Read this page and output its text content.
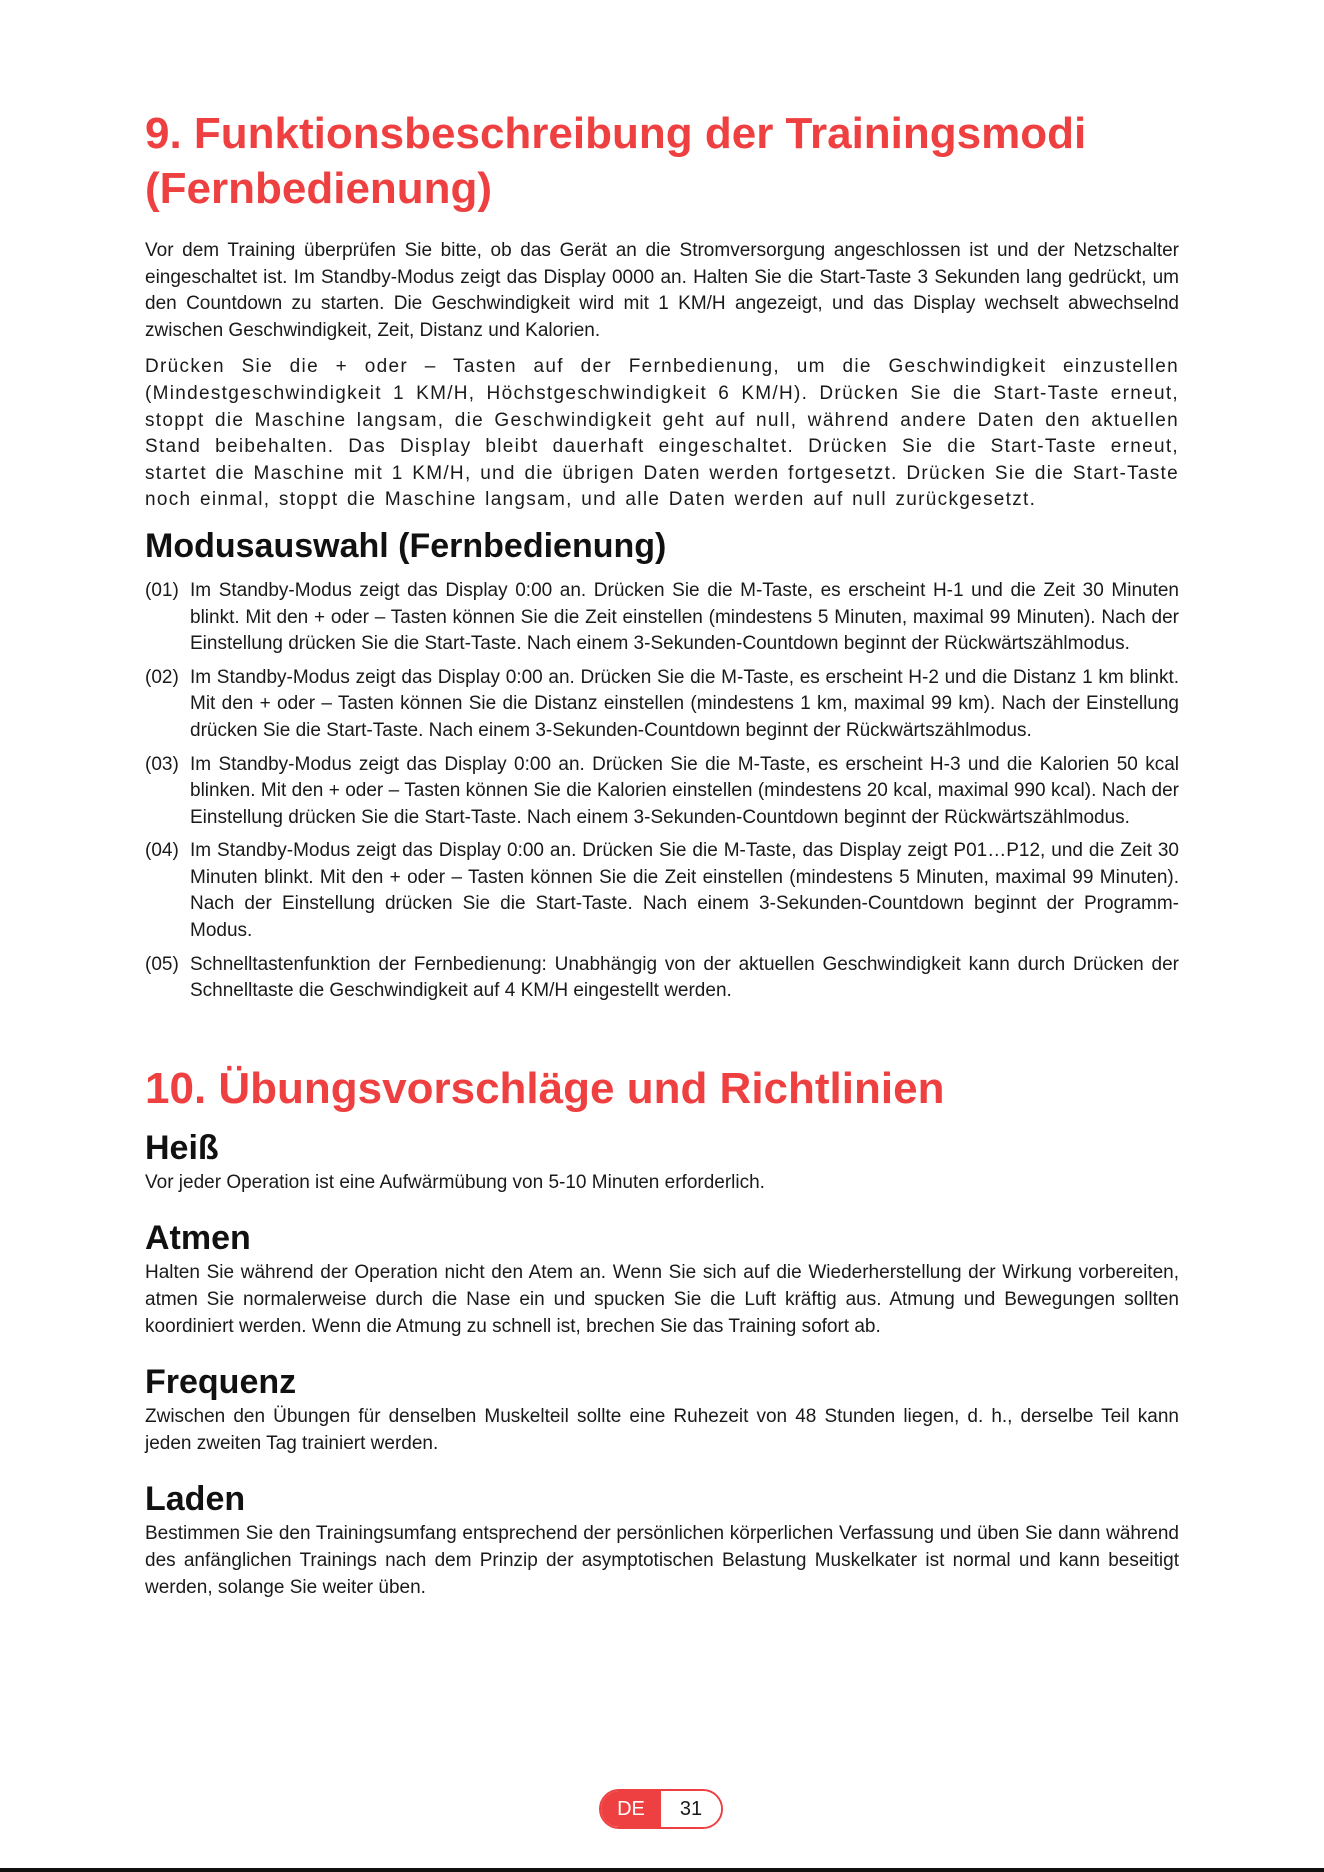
9. Funktionsbeschreibung der Trainingsmodi
(Fernbedienung)

Vor dem Training überprüfen Sie bitte, ob das Gerät an die Stromversorgung angeschlossen ist und der Netzschalter eingeschaltet ist. Im Standby-Modus zeigt das Display 0000 an. Halten Sie die Start-Taste 3 Sekunden lang gedrückt, um den Countdown zu starten. Die Geschwindigkeit wird mit 1 KM/H angezeigt, und das Display wechselt abwechselnd zwischen Geschwindigkeit, Zeit, Distanz und Kalorien.

Drücken Sie die + oder – Tasten auf der Fernbedienung, um die Geschwindigkeit einzustellen (Mindestgeschwindigkeit 1 KM/H, Höchstgeschwindigkeit 6 KM/H). Drücken Sie die Start-Taste erneut, stoppt die Maschine langsam, die Geschwindigkeit geht auf null, während andere Daten den aktuellen Stand beibehalten. Das Display bleibt dauerhaft eingeschaltet. Drücken Sie die Start-Taste erneut, startet die Maschine mit 1 KM/H, und die übrigen Daten werden fortgesetzt. Drücken Sie die Start-Taste noch einmal, stoppt die Maschine langsam, und alle Daten werden auf null zurückgesetzt.

Modusauswahl (Fernbedienung)
(01) Im Standby-Modus zeigt das Display 0:00 an. Drücken Sie die M-Taste, es erscheint H-1 und die Zeit 30 Minuten blinkt. Mit den + oder – Tasten können Sie die Zeit einstellen (mindestens 5 Minuten, maximal 99 Minuten). Nach der Einstellung drücken Sie die Start-Taste. Nach einem 3-Sekunden-Countdown beginnt der Rückwärtszählmodus.
(02) Im Standby-Modus zeigt das Display 0:00 an. Drücken Sie die M-Taste, es erscheint H-2 und die Distanz 1 km blinkt. Mit den + oder – Tasten können Sie die Distanz einstellen (mindestens 1 km, maximal 99 km). Nach der Einstellung drücken Sie die Start-Taste. Nach einem 3-Sekunden-Countdown beginnt der Rückwärtszählmodus.
(03) Im Standby-Modus zeigt das Display 0:00 an. Drücken Sie die M-Taste, es erscheint H-3 und die Kalorien 50 kcal blinken. Mit den + oder – Tasten können Sie die Kalorien einstellen (mindestens 20 kcal, maximal 990 kcal). Nach der Einstellung drücken Sie die Start-Taste. Nach einem 3-Sekunden-Countdown beginnt der Rückwärtszählmodus.
(04) Im Standby-Modus zeigt das Display 0:00 an. Drücken Sie die M-Taste, das Display zeigt P01…P12, und die Zeit 30 Minuten blinkt. Mit den + oder – Tasten können Sie die Zeit einstellen (mindestens 5 Minuten, maximal 99 Minuten). Nach der Einstellung drücken Sie die Start-Taste. Nach einem 3-Sekunden-Countdown beginnt der Programm-Modus.
(05) Schnelltastenfunktion der Fernbedienung: Unabhängig von der aktuellen Geschwindigkeit kann durch Drücken der Schnelltaste die Geschwindigkeit auf 4 KM/H eingestellt werden.
10. Übungsvorschläge und Richtlinien
Heiß

Vor jeder Operation ist eine Aufwärmübung von 5-10 Minuten erforderlich.

Atmen

Halten Sie während der Operation nicht den Atem an. Wenn Sie sich auf die Wiederherstellung der Wirkung vorbereiten, atmen Sie normalerweise durch die Nase ein und spucken Sie die Luft kräftig aus. Atmung und Bewegungen sollten koordiniert werden. Wenn die Atmung zu schnell ist, brechen Sie das Training sofort ab.

Frequenz

Zwischen den Übungen für denselben Muskelteil sollte eine Ruhezeit von 48 Stunden liegen, d. h., derselbe Teil kann jeden zweiten Tag trainiert werden.

Laden

Bestimmen Sie den Trainingsumfang entsprechend der persönlichen körperlichen Verfassung und üben Sie dann während des anfänglichen Trainings nach dem Prinzip der asymptotischen Belastung Muskelkater ist normal und kann beseitigt werden, solange Sie weiter üben.

DE	31
